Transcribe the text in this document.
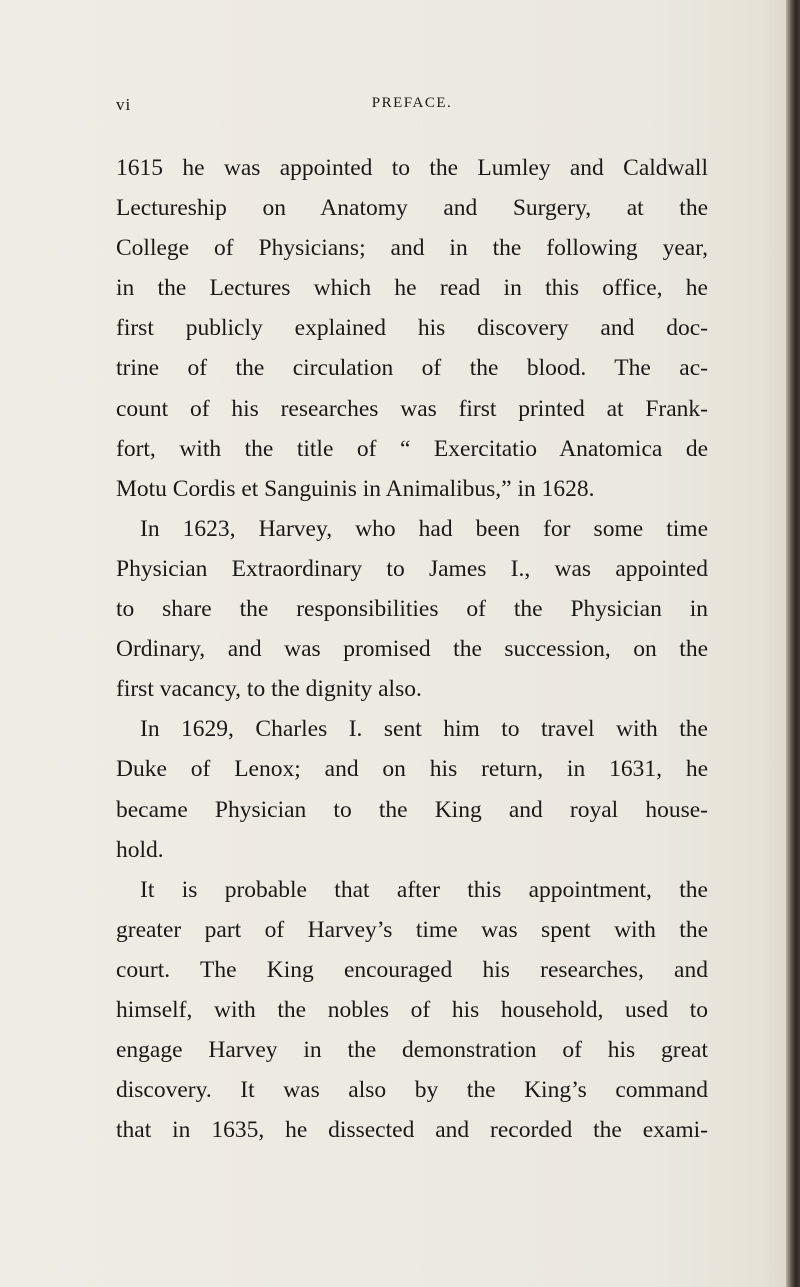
vi	PREFACE.
1615 he was appointed to the Lumley and Caldwall
Lectureship on Anatomy and Surgery, at the
College of Physicians; and in the following year,
in the Lectures which he read in this office, he
first publicly explained his discovery and doc-
trine of the circulation of the blood. The ac-
count of his researches was first printed at Frank-
fort, with the title of “ Exercitatio Anatomica de
Motu Cordis et Sanguinis in Animalibus,” in 1628.
In 1623, Harvey, who had been for some time
Physician Extraordinary to James I., was appointed
to share the responsibilities of the Physician in
Ordinary, and was promised the succession, on the
first vacancy, to the dignity also.
In 1629, Charles I. sent him to travel with the
Duke of Lenox; and on his return, in 1631, he
became Physician to the King and royal house-
hold.
It is probable that after this appointment, the
greater part of Harvey’s time was spent with the
court. The King encouraged his researches, and
himself, with the nobles of his household, used to
engage Harvey in the demonstration of his great
discovery. It was also by the King’s command
that in 1635, he dissected and recorded the exami-
